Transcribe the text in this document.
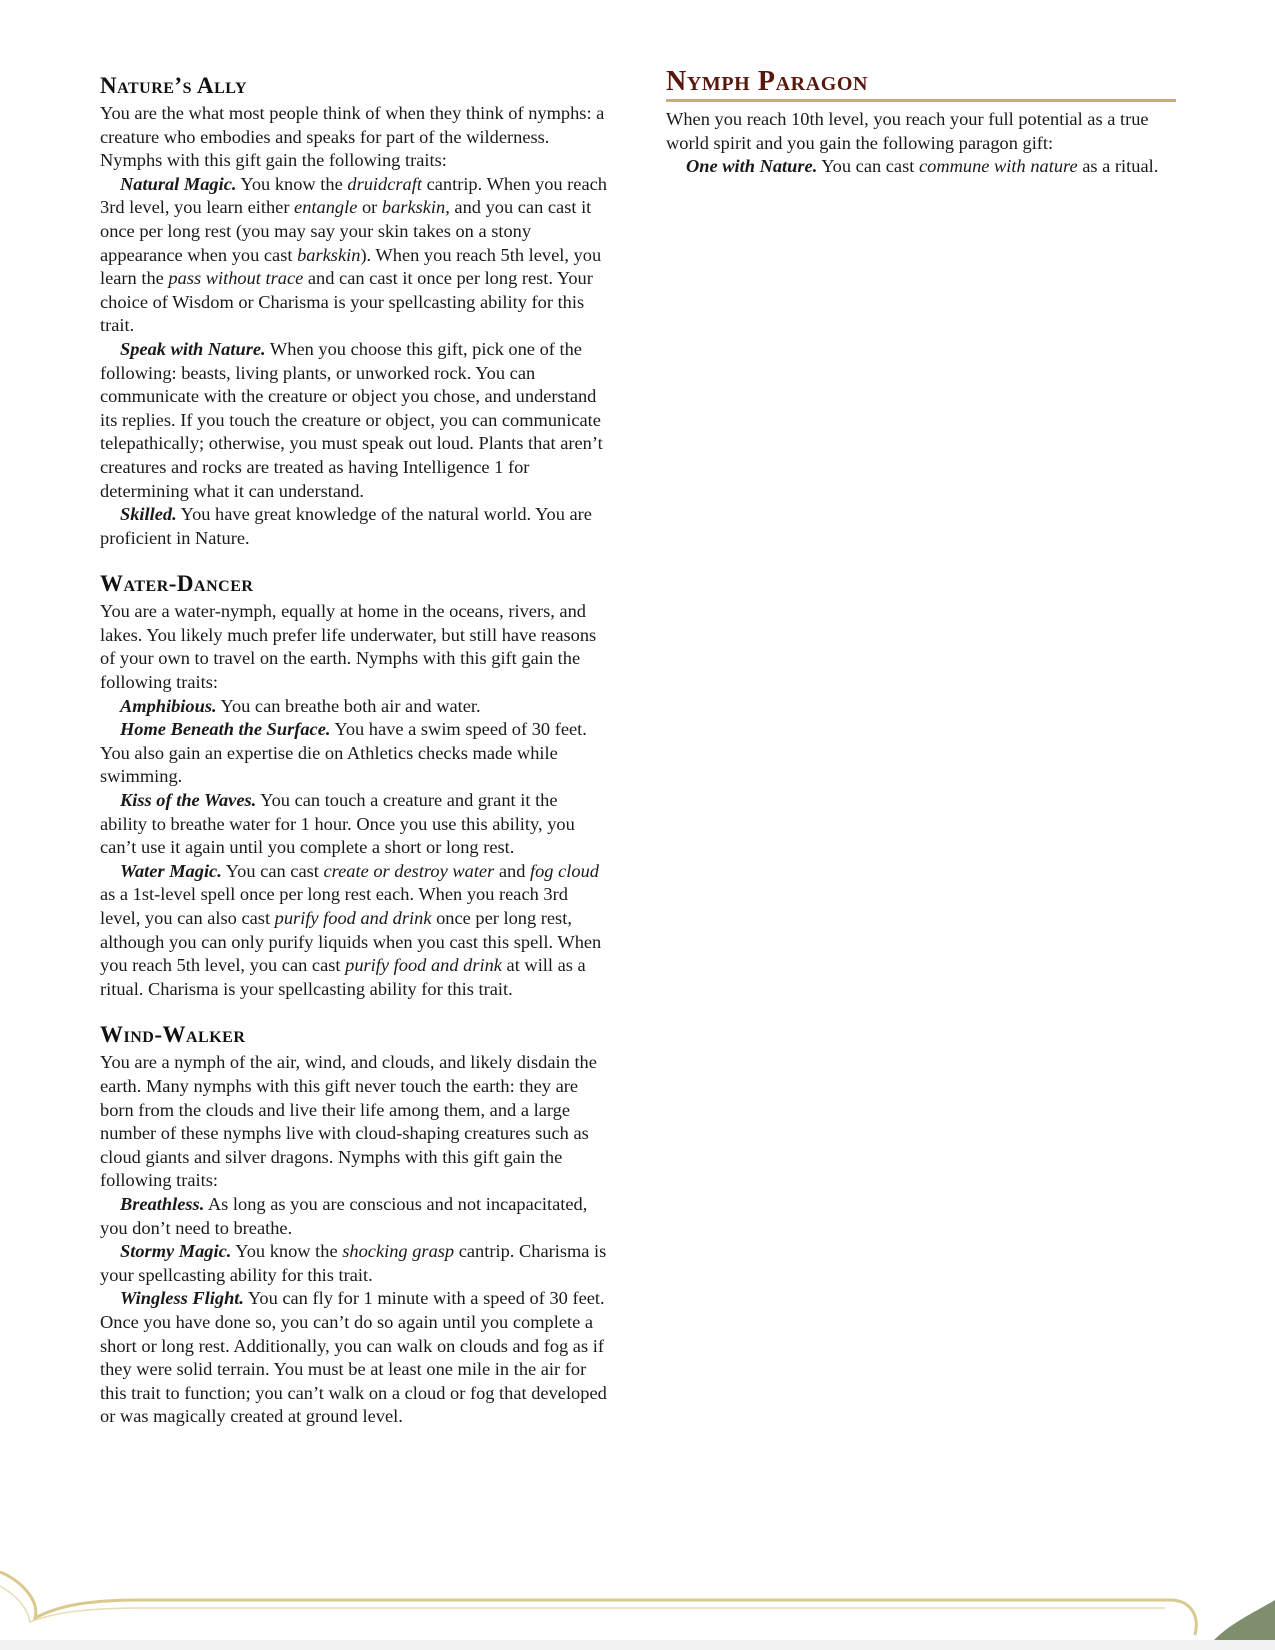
Nature’s Ally

You are the what most people think of when they think of nymphs: a creature who embodies and speaks for part of the wilderness. Nymphs with this gift gain the following traits:

Natural Magic. You know the druidcraft cantrip. When you reach 3rd level, you learn either entangle or barkskin, and you can cast it once per long rest (you may say your skin takes on a stony appearance when you cast barkskin). When you reach 5th level, you learn the pass without trace and can cast it once per long rest. Your choice of Wisdom or Charisma is your spellcasting ability for this trait.

Speak with Nature. When you choose this gift, pick one of the following: beasts, living plants, or unworked rock. You can communicate with the creature or object you chose, and understand its replies. If you touch the creature or object, you can communicate telepathically; otherwise, you must speak out loud. Plants that aren’t creatures and rocks are treated as having Intelligence 1 for determining what it can understand.

Skilled. You have great knowledge of the natural world. You are proficient in Nature.

Water-Dancer

You are a water-nymph, equally at home in the oceans, rivers, and lakes. You likely much prefer life underwater, but still have reasons of your own to travel on the earth. Nymphs with this gift gain the following traits:

Amphibious. You can breathe both air and water.

Home Beneath the Surface. You have a swim speed of 30 feet. You also gain an expertise die on Athletics checks made while swimming.

Kiss of the Waves. You can touch a creature and grant it the ability to breathe water for 1 hour. Once you use this ability, you can’t use it again until you complete a short or long rest.

Water Magic. You can cast create or destroy water and fog cloud as a 1st-level spell once per long rest each. When you reach 3rd level, you can also cast purify food and drink once per long rest, although you can only purify liquids when you cast this spell. When you reach 5th level, you can cast purify food and drink at will as a ritual. Charisma is your spellcasting ability for this trait.

Wind-Walker

You are a nymph of the air, wind, and clouds, and likely disdain the earth. Many nymphs with this gift never touch the earth: they are born from the clouds and live their life among them, and a large number of these nymphs live with cloud-shaping creatures such as cloud giants and silver dragons. Nymphs with this gift gain the following traits:

Breathless. As long as you are conscious and not incapacitated, you don’t need to breathe.

Stormy Magic. You know the shocking grasp cantrip. Charisma is your spellcasting ability for this trait.

Wingless Flight. You can fly for 1 minute with a speed of 30 feet. Once you have done so, you can’t do so again until you complete a short or long rest. Additionally, you can walk on clouds and fog as if they were solid terrain. You must be at least one mile in the air for this trait to function; you can’t walk on a cloud or fog that developed or was magically created at ground level.

Nymph Paragon

When you reach 10th level, you reach your full potential as a true world spirit and you gain the following paragon gift:

One with Nature. You can cast commune with nature as a ritual.
